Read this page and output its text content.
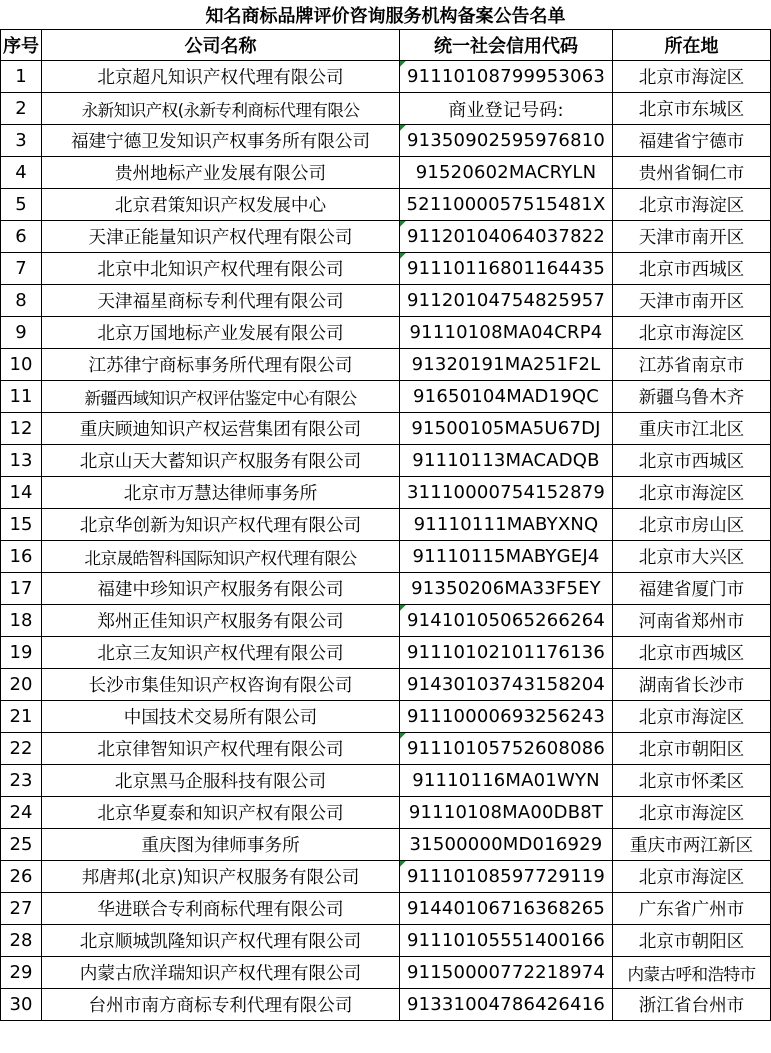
知名商标品牌评价咨询服务机构备案公告名单			
序号	公司名称	统一社会信用代码	所在地
1	北京超凡知识产权代理有限公司	91110108799953063	北京市海淀区
2	永新知识产权(永新专利商标代理有限公	商业登记号码:	北京市东城区
3	福建宁德卫发知识产权事务所有限公司	91350902595976810	福建省宁德市
4	贵州地标产业发展有限公司	91520602MACRYLN	贵州省铜仁市
5	北京君策知识产权发展中心	5211000057515481X	北京市海淀区
6	天津正能量知识产权代理有限公司	91120104064037822	天津市南开区
7	北京中北知识产权代理有限公司	91110116801164435	北京市西城区
8	天津福星商标专利代理有限公司	91120104754825957	天津市南开区
9	北京万国地标产业发展有限公司	91110108MA04CRP4	北京市海淀区
10	江苏律宁商标事务所代理有限公司	91320191MA251F2L	江苏省南京市
11	新疆西域知识产权评估鉴定中心有限公	91650104MAD19QC	新疆乌鲁木齐
12	重庆顾迪知识产权运营集团有限公司	91500105MA5U67DJ	重庆市江北区
13	北京山天大蓄知识产权服务有限公司	91110113MACADQB	北京市西城区
14	北京市万慧达律师事务所	31110000754152879	北京市海淀区
15	北京华创新为知识产权代理有限公司	91110111MABYXNQ	北京市房山区
16	北京晟皓智科国际知识产权代理有限公	91110115MABYGEJ4	北京市大兴区
17	福建中珍知识产权服务有限公司	91350206MA33F5EY	福建省厦门市
18	郑州正佳知识产权服务有限公司	91410105065266264	河南省郑州市
19	北京三友知识产权代理有限公司	91110102101176136	北京市西城区
20	长沙市集佳知识产权咨询有限公司	91430103743158204	湖南省长沙市
21	中国技术交易所有限公司	91110000693256243	北京市海淀区
22	北京律智知识产权代理有限公司	91110105752608086	北京市朝阳区
23	北京黑马企服科技有限公司	91110116MA01WYN	北京市怀柔区
24	北京华夏泰和知识产权有限公司	91110108MA00DB8T	北京市海淀区
25	重庆图为律师事务所	31500000MD016929	重庆市两江新区
26	邦唐邦(北京)知识产权服务有限公司	91110108597729119	北京市海淀区
27	华进联合专利商标代理有限公司	91440106716368265	广东省广州市
28	北京顺城凯隆知识产权代理有限公司	91110105551400166	北京市朝阳区
29	内蒙古欣洋瑞知识产权代理有限公司	91150000772218974	内蒙古呼和浩特市
30	台州市南方商标专利代理有限公司	91331004786426416	浙江省台州市
